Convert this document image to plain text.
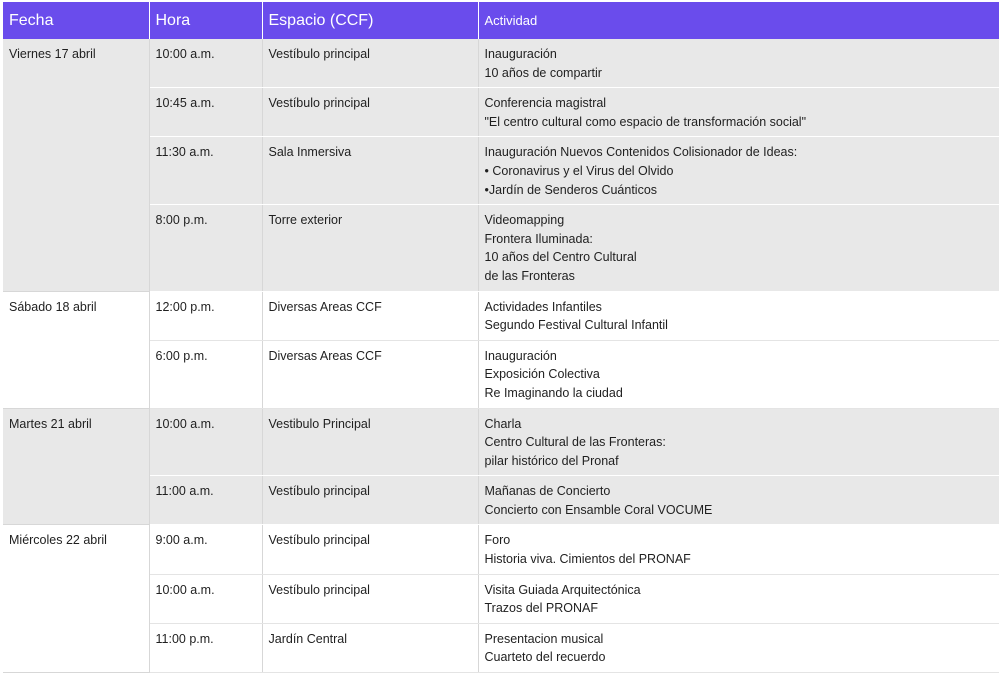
Fecha	Hora	Espacio (CCF)	Actividad
Viernes 17 abril	10:00 a.m.	Vestíbulo principal	Inauguración
10 años de compartir

	10:45 a.m.	Vestíbulo principal	Conferencia magistral
"El centro cultural como espacio de transformación social"

	11:30 a.m.	Sala Inmersiva	Inauguración Nuevos Contenidos Colisionador de Ideas:
• Coronavirus y el Virus del Olvido
•Jardín de Senderos Cuánticos

	8:00 p.m.	Torre exterior	Videomapping
Frontera Iluminada:
10 años del Centro Cultural
de las Fronteras

Sábado 18 abril	12:00 p.m.	Diversas Areas CCF	Actividades Infantiles
Segundo Festival Cultural Infantil

	6:00 p.m.	Diversas Areas CCF	Inauguración
Exposición Colectiva
Re Imaginando la ciudad

Martes 21 abril	10:00 a.m.	Vestibulo Principal	Charla
Centro Cultural de las Fronteras:
pilar histórico del Pronaf

	11:00 a.m.	Vestíbulo principal	Mañanas de Concierto
Concierto con Ensamble Coral VOCUME

Miércoles 22 abril	9:00 a.m.	Vestíbulo principal	Foro
Historia viva. Cimientos del PRONAF

	10:00 a.m.	Vestíbulo principal	Visita Guiada Arquitectónica
Trazos del PRONAF

	11:00 p.m.	Jardín Central	Presentacion musical
Cuarteto del recuerdo
